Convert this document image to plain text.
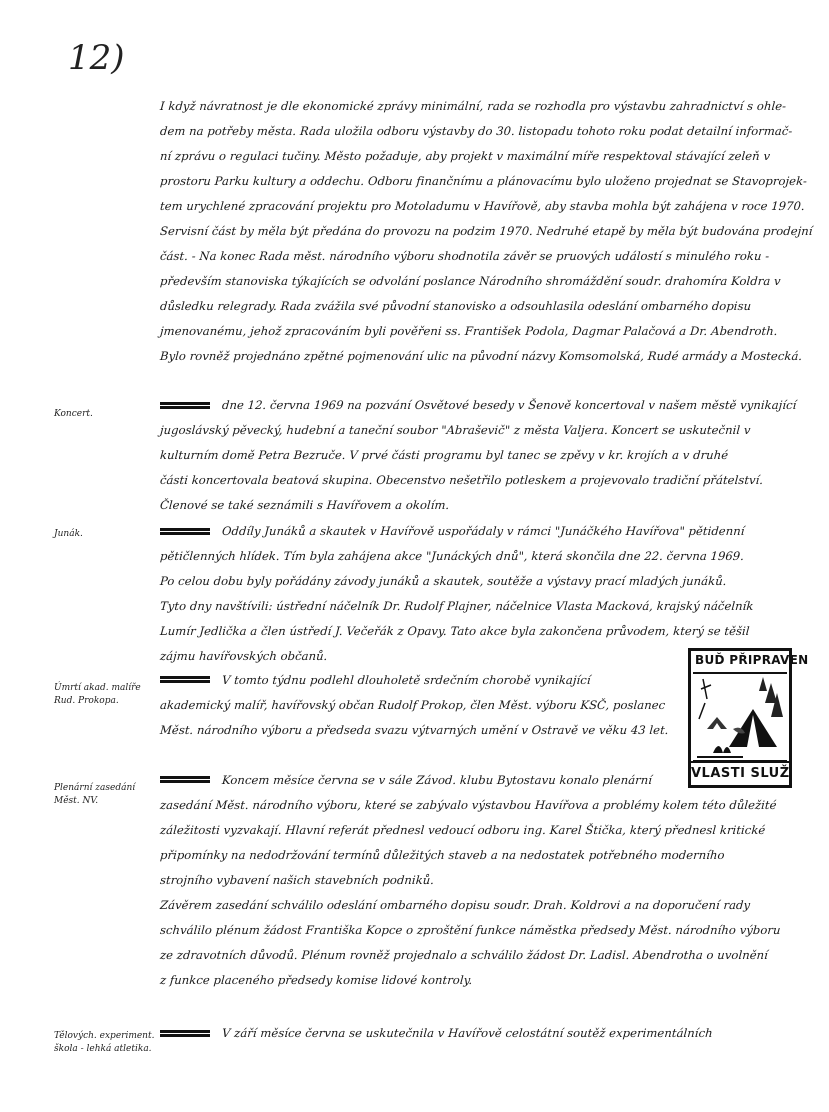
12)
I když návratnost je dle ekonomické zprávy minimální, rada se rozhodla pro výstavbu zahradnictví s ohle-
dem na potřeby města. Rada uložila odboru výstavby do 30. listopadu tohoto roku podat detailní informač-
ní zprávu o regulaci tučiny. Město požaduje, aby projekt v maximální míře respektoval stávající zeleň v
prostoru Parku kultury a oddechu. Odboru finančnímu a plánovacímu bylo uloženo projednat se Stavoprojek-
tem urychlené zpracování projektu pro Motoladumu v Havířově, aby stavba mohla být zahájena v roce 1970.
Servisní část by měla být předána do provozu na podzim 1970. Nedruhé etapě by měla být budována prodejní
část. - Na konec Rada měst. národního výboru shodnotila závěr se pruových událostí s minulého roku -
především stanoviska týkajících se odvolání poslance Národního shromáždění soudr. drahomíra Koldra v
důsledku relegrady. Rada zvážila své původní stanovisko a odsouhlasila odeslání ombarného dopisu
jmenovanému, jehož zpracováním byli pověřeni ss. František Podola, Dagmar Palačová a Dr. Abendroth.
Bylo rovněž projednáno zpětné pojmenování ulic na původní názvy Komsomolská, Rudé armády a Mostecká.
Koncert.
dne 12. června 1969 na pozvání Osvětové besedy v Šenově koncertoval v našem městě vynikající
jugoslávský pěvecký, hudební a taneční soubor "Abraševič" z města Valjera. Koncert se uskutečnil v
kulturním domě Petra Bezruče. V prvé části programu byl tanec se zpěvy v kr. krojích a v druhé
části koncertovala beatová skupina. Obecenstvo nešetřilo potleskem a projevovalo tradiční přátelství.
Členové se také seznámili s Havířovem a okolím.
Junák.	Oddíly Junáků a skautek v Havířově uspořádaly v rámci "Junáčkého Havířova" pětidenní
pětičlenných hlídek. Tím byla zahájena akce "Junáckých dnů", která skončila dne 22. června 1969.
Po celou dobu byly pořádány závody junáků a skautek, soutěže a výstavy prací mladých junáků.
Tyto dny navštívili: ústřední náčelník Dr. Rudolf Plajner, náčelnice Vlasta Macková, krajský náčelník
Lumír Jedlička a člen ústředí J. Večeřák z Opavy. Tato akce byla zakončena průvodem, který se těšil
zájmu havířovských občanů.
Úmrtí akad. malíře Rud. Prokopa.
V tomto týdnu podlehl dlouholetě srdečním chorobě vynikající
akademický malíř, havířovský občan Rudolf Prokop, člen Měst. výboru KSČ, poslanec
Měst. národního výboru a předseda svazu výtvarných umění v Ostravě ve věku 43 let.
BUĎ PŘIPRAVEN
VLASTI SLUŽ
Plenární zasedání Měst. NV.
Koncem měsíce června se v sále Závod. klubu Bytostavu konalo plenární
zasedání Měst. národního výboru, které se zabývalo výstavbou Havířova a problémy kolem této důležité
záležitosti vyzvakají. Hlavní referát přednesl vedoucí odboru ing. Karel Štička, který přednesl kritické
připomínky na nedodržování termínů důležitých staveb a na nedostatek potřebného moderního
strojního vybavení našich stavebních podniků.
Závěrem zasedání schválilo odeslání ombarného dopisu soudr. Drah. Koldrovi a na doporučení rady
schválilo plénum žádost Františka Kopce o zproštění funkce náměstka předsedy Měst. národního výboru
ze zdravotních důvodů. Plénum rovněž projednalo a schválilo žádost Dr. Ladisl. Abendrotha o uvolnění
z funkce placeného předsedy komise lidové kontroly.
Tělových. experiment. škola - lehká atletika.
V září měsíce června se uskutečnila v Havířově celostátní soutěž experimentálních
